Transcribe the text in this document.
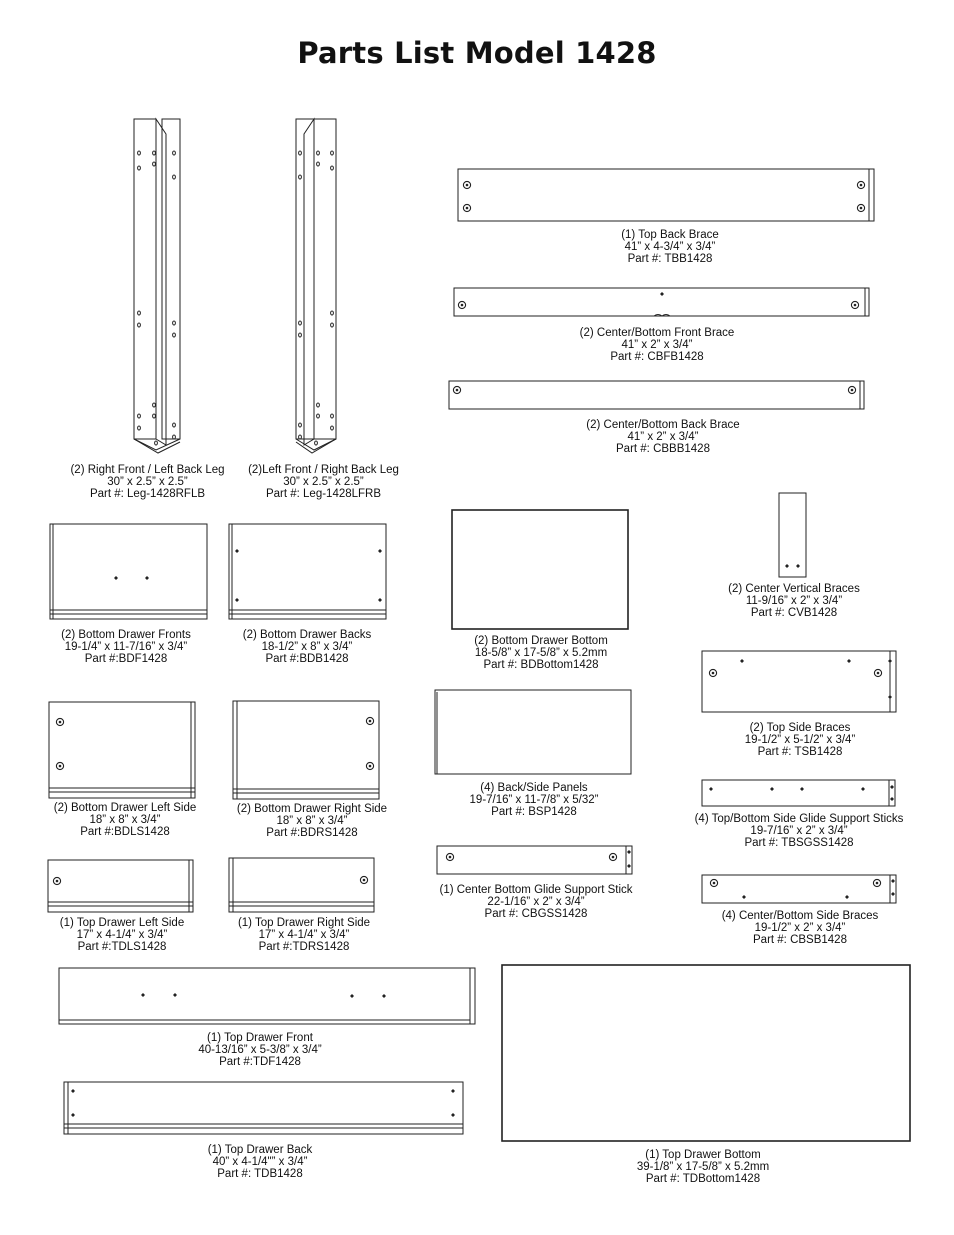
Parts List Model 1428
(2) Right Front / Left Back Leg
30” x 2.5” x 2.5”
Part #: Leg-1428RFLB
(2)Left Front / Right Back Leg
30” x 2.5” x 2.5”
Part #: Leg-1428LFRB
(1) Top Back Brace
41” x 4-3/4” x 3/4”
Part #: TBB1428
(2) Center/Bottom Front Brace
41” x 2” x 3/4”
Part #: CBFB1428
(2) Center/Bottom Back Brace
41” x 2” x 3/4”
Part #: CBBB1428
(2) Bottom Drawer Fronts
19-1/4” x 11-7/16” x 3/4”
Part #:BDF1428
(2) Bottom Drawer Backs
18-1/2” x 8” x 3/4”
Part #:BDB1428
(2) Bottom Drawer Bottom
18-5/8” x 17-5/8” x 5.2mm
Part #: BDBottom1428
(2) Center Vertical Braces
11-9/16” x 2” x 3/4”
Part #: CVB1428
(2) Top Side Braces
19-1/2” x 5-1/2” x 3/4”
Part #: TSB1428
(2) Bottom Drawer Left Side
18” x 8” x 3/4”
Part #:BDLS1428
(2) Bottom Drawer Right Side
18” x 8” x 3/4”
Part #:BDRS1428
(4) Back/Side Panels
19-7/16” x 11-7/8” x 5/32”
Part #: BSP1428
(4) Top/Bottom Side Glide Support Sticks
19-7/16” x 2” x 3/4”
Part #: TBSGSS1428
(1) Center Bottom Glide Support Stick
22-1/16” x 2” x 3/4”
Part #: CBGSS1428
(1) Top Drawer Left Side
17” x 4-1/4” x 3/4”
Part #:TDLS1428
(1) Top Drawer Right Side
17” x 4-1/4” x 3/4”
Part #:TDRS1428
(4) Center/Bottom Side Braces
19-1/2” x 2” x 3/4”
Part #: CBSB1428
(1) Top Drawer Front
40-13/16” x 5-3/8” x 3/4”
Part #:TDF1428
(1) Top Drawer Back
40” x 4-1/4"” x 3/4”
Part #: TDB1428
(1) Top Drawer Bottom
39-1/8” x 17-5/8” x 5.2mm
Part #: TDBottom1428
